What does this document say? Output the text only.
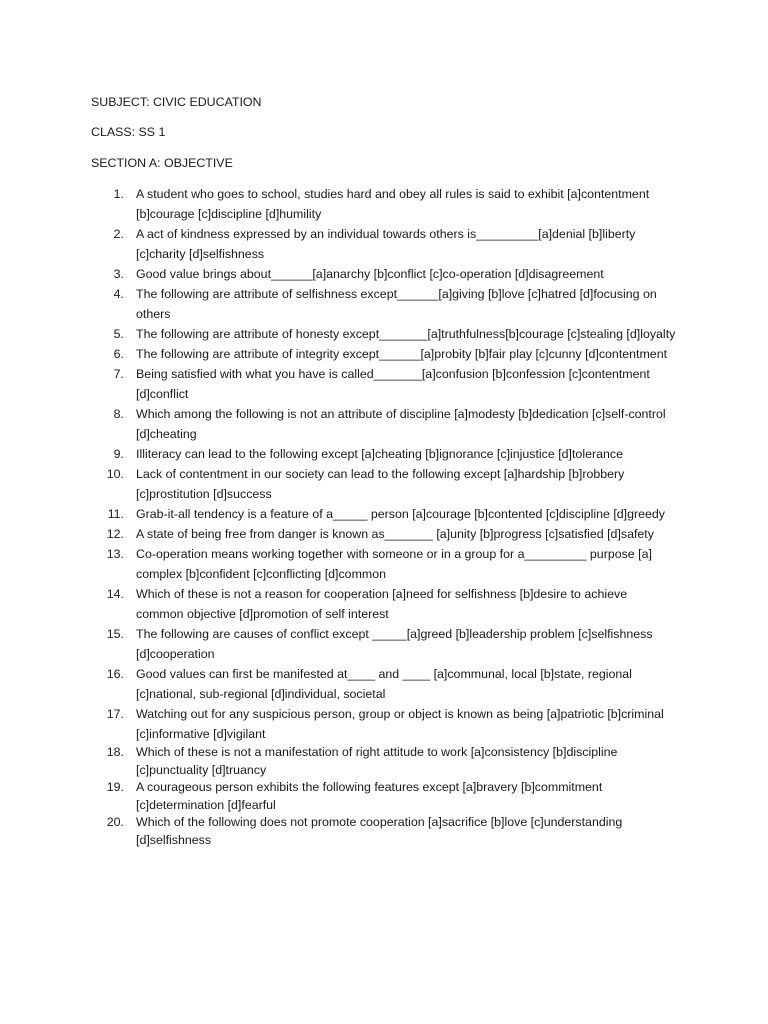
SUBJECT: CIVIC EDUCATION
CLASS: SS 1
SECTION A: OBJECTIVE
1. A student who goes to school, studies hard and obey all rules is said to exhibit [a]contentment [b]courage [c]discipline [d]humility
2. A act of kindness expressed by an individual towards others is_________[a]denial [b]liberty [c]charity [d]selfishness
3. Good value brings about______[a]anarchy [b]conflict [c]co-operation [d]disagreement
4. The following are attribute of selfishness except______[a]giving [b]love [c]hatred [d]focusing on others
5. The following are attribute of honesty except_______[a]truthfulness[b]courage [c]stealing [d]loyalty
6. The following are attribute of integrity except______[a]probity [b]fair play [c]cunny [d]contentment
7. Being satisfied with what you have is called_______[a]confusion [b]confession [c]contentment [d]conflict
8. Which among the following is not an attribute of discipline [a]modesty [b]dedication [c]self-control [d]cheating
9. Illiteracy can lead to the following except [a]cheating [b]ignorance [c]injustice [d]tolerance
10. Lack of contentment in our society can lead to the following except [a]hardship [b]robbery [c]prostitution [d]success
11. Grab-it-all tendency is a feature of a_____ person [a]courage [b]contented [c]discipline [d]greedy
12. A state of being free from danger is known as_______ [a]unity [b]progress [c]satisfied [d]safety
13. Co-operation means working together with someone or in a group for a_________ purpose [a] complex [b]confident [c]conflicting [d]common
14. Which of these is not a reason for cooperation [a]need for selfishness [b]desire to achieve common objective [d]promotion of self interest
15. The following are causes of conflict except _____[a]greed [b]leadership problem [c]selfishness [d]cooperation
16. Good values can first be manifested at____ and ____ [a]communal, local [b]state, regional [c]national, sub-regional [d]individual, societal
17. Watching out for any suspicious person, group or object is known as being [a]patriotic [b]criminal [c]informative [d]vigilant
18. Which of these is not a manifestation of right attitude to work [a]consistency [b]discipline [c]punctuality [d]truancy
19. A courageous person exhibits the following features except [a]bravery [b]commitment [c]determination [d]fearful
20. Which of the following does not promote cooperation [a]sacrifice [b]love [c]understanding [d]selfishness
